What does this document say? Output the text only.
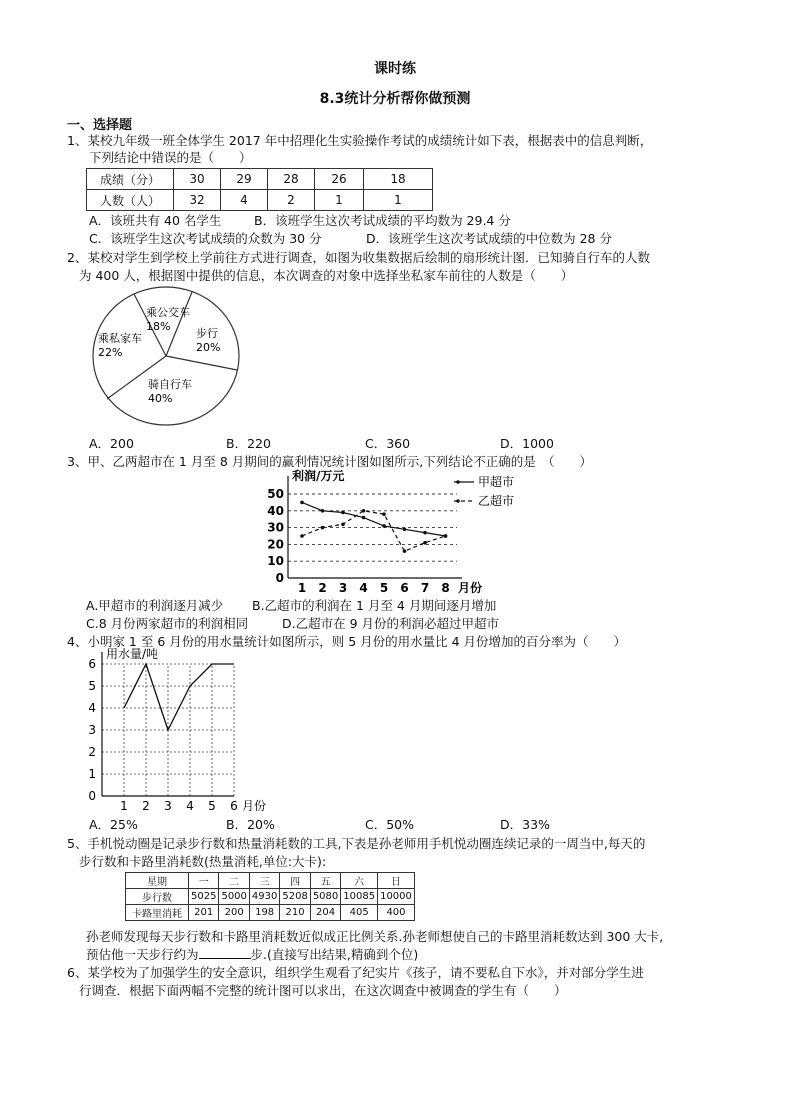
课时练
8.3统计分析帮你做预测
一、选择题
1、某校九年级一班全体学生 2017 年中招理化生实验操作考试的成绩统计如下表，根据表中的信息判断，
下列结论中错误的是（　　）
成绩（分）	30	29	28	26	18
人数（人）	32	4	2	1	1
A．该班共有 40 名学生	B．该班学生这次考试成绩的平均数为 29.4 分
C．该班学生这次考试成绩的众数为 30 分	D．该班学生这次考试成绩的中位数为 28 分
2、某校对学生到学校上学前往方式进行调查，如图为收集数据后绘制的扇形统计图．已知骑自行车的人数
为 400 人，根据图中提供的信息，本次调查的对象中选择坐私家车前往的人数是（　　）
乘公交车
18%
步行
20%
骑自行车
40%
乘私家车
22%
A．200	B．220	C．360	D．1000
3、甲、乙两超市在 1 月至 8 月期间的赢利情况统计图如图所示,下列结论不正确的是　（　　）
利润/万元
月份
0
10
20
30
40
50
1 2 3 4 5 6 7 8
甲超市
乙超市
A.甲超市的利润逐月减少 B.乙超市的利润在 1 月至 4 月期间逐月增加
C.8 月份两家超市的利润相同	D.乙超市在 9 月份的利润必超过甲超市
4、小明家 1 至 6 月份的用水量统计如图所示，则 5 月份的用水量比 4 月份增加的百分率为（　　）
用水量/吨
月份
0
1
2
3
4
5
6
1 2 3 4 5 6
A．25%	B．20%	C．50%	D．33%
5、手机悦动圈是记录步行数和热量消耗数的工具,下表是孙老师用手机悦动圈连续记录的一周当中,每天的
步行数和卡路里消耗数(热量消耗,单位:大卡):
星期	一	二	三	四	五	六	日
步行数	5025	5000	4930	5208	5080	10085	10000
卡路里消耗	201	200	198	210	204	405	400
孙老师发现每天步行数和卡路里消耗数近似成正比例关系.孙老师想使自己的卡路里消耗数达到 300 大卡,
预估他一天步行约为	步.(直接写出结果,精确到个位)
6、某学校为了加强学生的安全意识，组织学生观看了纪实片《孩子，请不要私自下水》，并对部分学生进
行调查．根据下面两幅不完整的统计图可以求出，在这次调查中被调查的学生有（　　）
